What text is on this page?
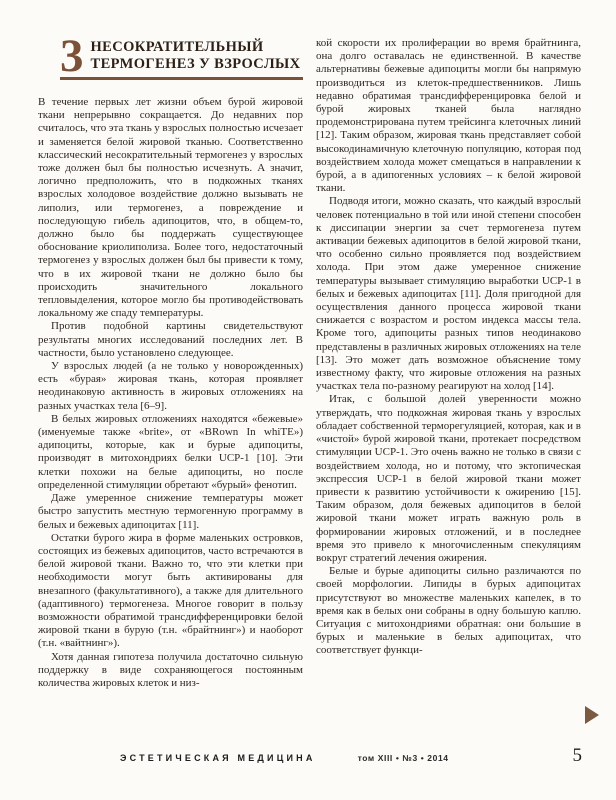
3 НЕСОКРАТИТЕЛЬНЫЙ
ТЕРМОГЕНЕЗ У ВЗРОСЛЫХ

В течение первых лет жизни объем бурой жировой ткани непрерывно сокращается. До недавних пор считалось, что эта ткань у взрослых полностью исчезает и заменяется белой жировой тканью. Соответственно классический несократительный термогенез у взрослых тоже должен был бы полностью исчезнуть. А значит, логично предположить, что в подкожных тканях взрослых холодовое воздействие должно вызывать не липолиз, или термогенез, а повреждение и последующую гибель адипоцитов, что, в общем-то, должно было бы поддержать существующее обоснование криолиполиза. Более того, недостаточный термогенез у взрослых должен был бы привести к тому, что в их жировой ткани не должно было бы происходить значительного локального тепловыделения, которое могло бы противодействовать локальному же спаду температуры.

Против подобной картины свидетельствуют результаты многих исследований последних лет. В частности, было установлено следующее.

У взрослых людей (а не только у новорожденных) есть «бурая» жировая ткань, которая проявляет неодинаковую активность в жировых отложениях на разных участках тела [6–9].

В белых жировых отложениях находятся «бежевые» (именуемые также «brite», от «BRown In whiTE») адипоциты, которые, как и бурые адипоциты, производят в митохондриях белки UCP-1 [10]. Эти клетки похожи на белые адипоциты, но после определенной стимуляции обретают «бурый» фенотип.

Даже умеренное снижение температуры может быстро запустить местную термогенную программу в белых и бежевых адипоцитах [11].

Остатки бурого жира в форме маленьких островков, состоящих из бежевых адипоцитов, часто встречаются в белой жировой ткани. Важно то, что эти клетки при необходимости могут быть активированы для внезапного (факультативного), а также для длительного (адаптивного) термогенеза. Многое говорит в пользу возможности обратимой трансдифференцировки белой жировой ткани в бурую (т.н. «брайтнинг») и наоборот (т.н. «вайтнинг»).

Хотя данная гипотеза получила достаточно сильную поддержку в виде сохраняющегося постоянным количества жировых клеток и низ-

кой скорости их пролиферации во время брайтнинга, она долго оставалась не единственной. В качестве альтернативы бежевые адипоциты могли бы напрямую производиться из клеток-предшественников. Лишь недавно обратимая трансдифференцировка белой и бурой жировых тканей была наглядно продемонстрирована путем трейсинга клеточных линий [12]. Таким образом, жировая ткань представляет собой высокодинамичную клеточную популяцию, которая под воздействием холода может смещаться в направлении к бурой, а в адипогенных условиях – к белой жировой ткани.

Подводя итоги, можно сказать, что каждый взрослый человек потенциально в той или иной степени способен к диссипации энергии за счет термогенеза путем активации бежевых адипоцитов в белой жировой ткани, что особенно сильно проявляется под воздействием холода. При этом даже умеренное снижение температуры вызывает стимуляцию выработки UCP-1 в белых и бежевых адипоцитах [11]. Доля пригодной для осуществления данного процесса жировой ткани снижается с возрастом и ростом индекса массы тела. Кроме того, адипоциты разных типов неодинаково представлены в различных жировых отложениях на теле [13]. Это может дать возможное объяснение тому известному факту, что жировые отложения на разных участках тела по-разному реагируют на холод [14].

Итак, с большой долей уверенности можно утверждать, что подкожная жировая ткань у взрослых обладает собственной терморегуляцией, которая, как и в «чистой» бурой жировой ткани, протекает посредством стимуляции UCP-1. Это очень важно не только в связи с воздействием холода, но и потому, что эктопическая экспрессия UCP-1 в белой жировой ткани может привести к развитию устойчивости к ожирению [15]. Таким образом, доля бежевых адипоцитов в белой жировой ткани может играть важную роль в формировании жировых отложений, и в последнее время это привело к многочисленным спекуляциям вокруг стратегий лечения ожирения.

Белые и бурые адипоциты сильно различаются по своей морфологии. Липиды в бурых адипоцитах присутствуют во множестве маленьких капелек, в то время как в белых они собраны в одну большую каплю. Ситуация с митохондриями обратная: они большие в бурых и маленькие в белых адипоцитах, что соответствует функци-

ЭСТЕТИЧЕСКАЯ МЕДИЦИНА	том XIII • №3 • 2014	5
